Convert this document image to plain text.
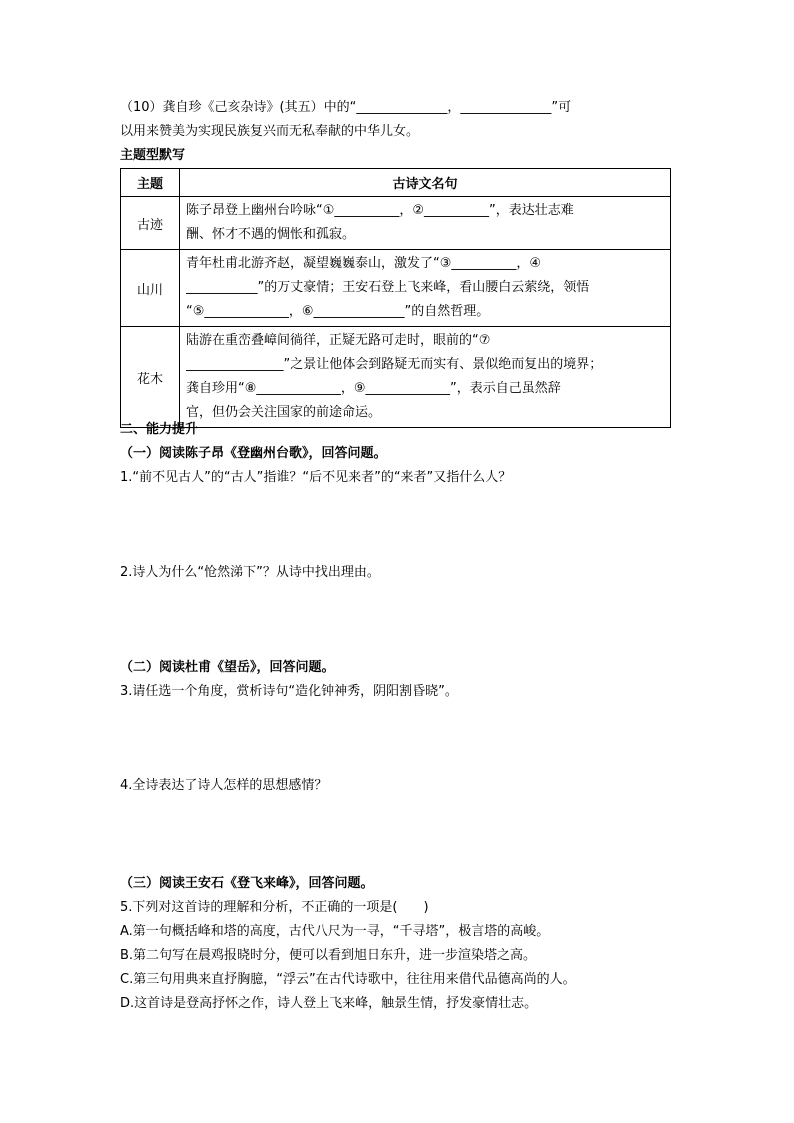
（10）龚自珍《己亥杂诗》(其五）中的“______________，______________”可
以用来赞美为实现民族复兴而无私奉献的中华儿女。
主题型默写
主题	古诗文名句
古迹	陈子昂登上幽州台吟咏“①__________，②__________”，表达壮志难
酬、怀才不遇的惆怅和孤寂。

山川	青年杜甫北游齐赵，凝望巍巍泰山，激发了“③__________，④
___________”的万丈豪情；王安石登上飞来峰，看山腰白云萦绕，领悟
“⑤_____________，⑥______________”的自然哲理。

花木	陆游在重峦叠嶂间徜徉，正疑无路可走时，眼前的“⑦
_______________”之景让他体会到路疑无而实有、景似绝而复出的境界；
龚自珍用“⑧_____________，⑨_____________”，表示自己虽然辞
官，但仍会关注国家的前途命运。
二、能力提升
（一）阅读陈子昂《登幽州台歌》，回答问题。
1.“前不见古人”的“古人”指谁？“后不见来者”的“来者”又指什么人？
2.诗人为什么“怆然涕下”？从诗中找出理由。
（二）阅读杜甫《望岳》，回答问题。
3.请任选一个角度，赏析诗句“造化钟神秀，阴阳割昏晓”。
4.全诗表达了诗人怎样的思想感情？
（三）阅读王安石《登飞来峰》，回答问题。
5.下列对这首诗的理解和分析，不正确的一项是(　　)
A.第一句概括峰和塔的高度，古代八尺为一寻，“千寻塔”，极言塔的高峻。
B.第二句写在晨鸡报晓时分，便可以看到旭日东升，进一步渲染塔之高。
C.第三句用典来直抒胸臆，“浮云”在古代诗歌中，往往用来借代品德高尚的人。
D.这首诗是登高抒怀之作，诗人登上飞来峰，触景生情，抒发豪情壮志。
